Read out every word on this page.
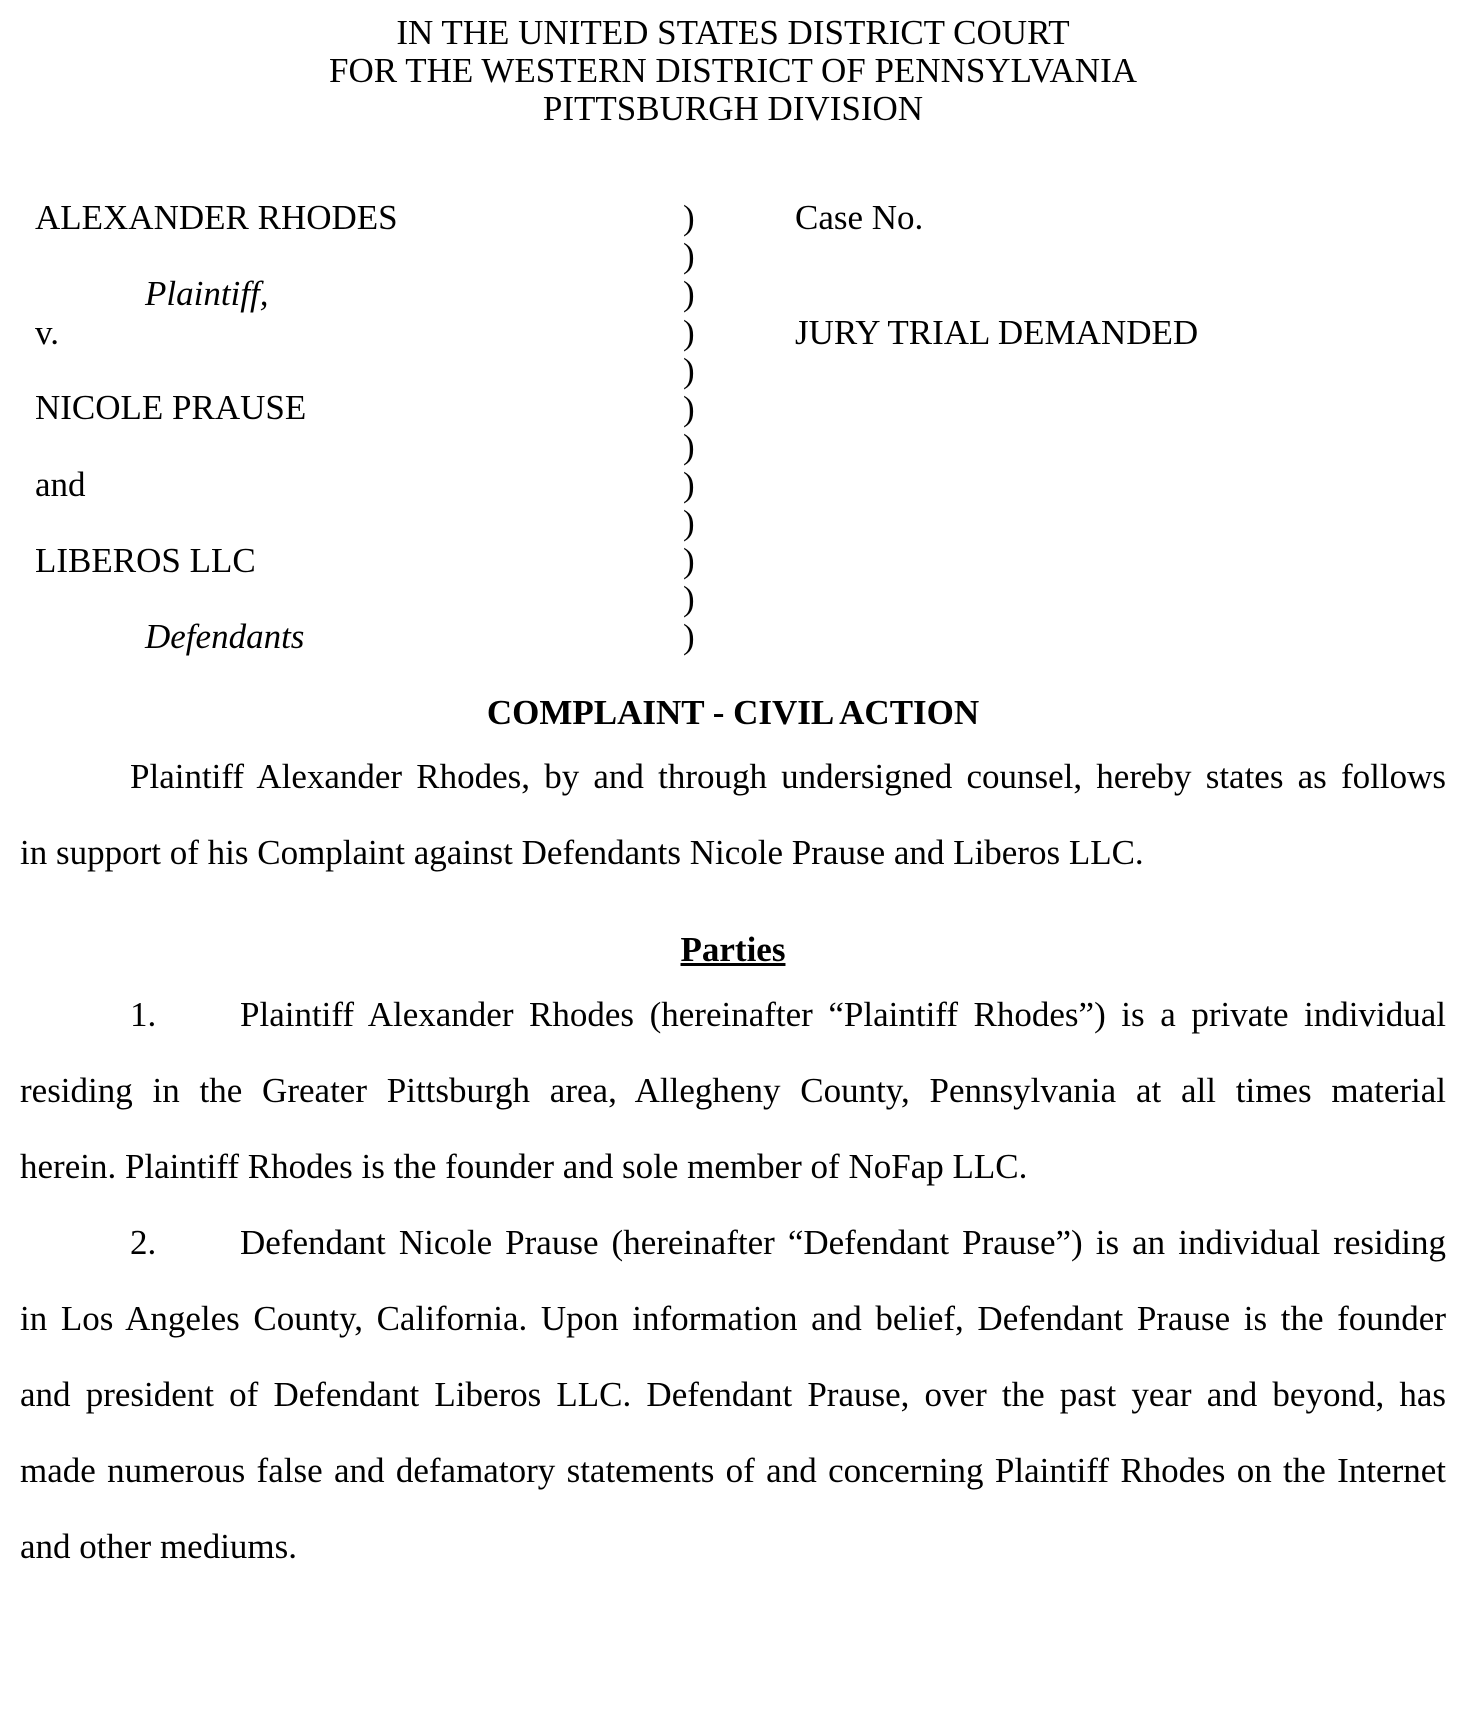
IN THE UNITED STATES DISTRICT COURT
FOR THE WESTERN DISTRICT OF PENNSYLVANIA
PITTSBURGH DIVISION
ALEXANDER RHODES
Plaintiff,
v.
NICOLE PRAUSE
and
LIBEROS LLC
Defendants
)
)
)
)
)
)
)
)
)
)
)
)
Case No.
JURY TRIAL DEMANDED
COMPLAINT - CIVIL ACTION
Plaintiff Alexander Rhodes, by and through undersigned counsel, hereby states as follows
in support of his Complaint against Defendants Nicole Prause and Liberos LLC.
Parties
1. Plaintiff Alexander Rhodes (hereinafter “Plaintiff Rhodes”) is a private individual
residing in the Greater Pittsburgh area, Allegheny County, Pennsylvania at all times material
herein. Plaintiff Rhodes is the founder and sole member of NoFap LLC.
2. Defendant Nicole Prause (hereinafter “Defendant Prause”) is an individual residing
in Los Angeles County, California. Upon information and belief, Defendant Prause is the founder
and president of Defendant Liberos LLC. Defendant Prause, over the past year and beyond, has
made numerous false and defamatory statements of and concerning Plaintiff Rhodes on the Internet
and other mediums.
